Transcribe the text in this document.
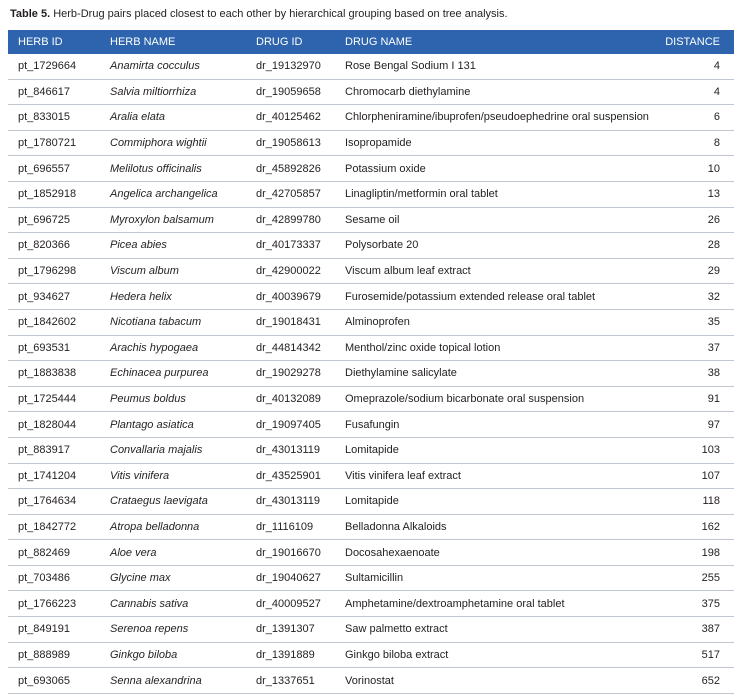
Table 5. Herb-Drug pairs placed closest to each other by hierarchical grouping based on tree analysis.
HERB ID	HERB NAME	DRUG ID	DRUG NAME	DISTANCE
pt_1729664	Anamirta cocculus	dr_19132970	Rose Bengal Sodium I 131	4
pt_846617	Salvia miltiorrhiza	dr_19059658	Chromocarb diethylamine	4
pt_833015	Aralia elata	dr_40125462	Chlorpheniramine/ibuprofen/pseudoephedrine oral suspension	6
pt_1780721	Commiphora wightii	dr_19058613	Isopropamide	8
pt_696557	Melilotus officinalis	dr_45892826	Potassium oxide	10
pt_1852918	Angelica archangelica	dr_42705857	Linagliptin/metformin oral tablet	13
pt_696725	Myroxylon balsamum	dr_42899780	Sesame oil	26
pt_820366	Picea abies	dr_40173337	Polysorbate 20	28
pt_1796298	Viscum album	dr_42900022	Viscum album leaf extract	29
pt_934627	Hedera helix	dr_40039679	Furosemide/potassium extended release oral tablet	32
pt_1842602	Nicotiana tabacum	dr_19018431	Alminoprofen	35
pt_693531	Arachis hypogaea	dr_44814342	Menthol/zinc oxide topical lotion	37
pt_1883838	Echinacea purpurea	dr_19029278	Diethylamine salicylate	38
pt_1725444	Peumus boldus	dr_40132089	Omeprazole/sodium bicarbonate oral suspension	91
pt_1828044	Plantago asiatica	dr_19097405	Fusafungin	97
pt_883917	Convallaria majalis	dr_43013119	Lomitapide	103
pt_1741204	Vitis vinifera	dr_43525901	Vitis vinifera leaf extract	107
pt_1764634	Crataegus laevigata	dr_43013119	Lomitapide	118
pt_1842772	Atropa belladonna	dr_1116109	Belladonna Alkaloids	162
pt_882469	Aloe vera	dr_19016670	Docosahexaenoate	198
pt_703486	Glycine max	dr_19040627	Sultamicillin	255
pt_1766223	Cannabis sativa	dr_40009527	Amphetamine/dextroamphetamine oral tablet	375
pt_849191	Serenoa repens	dr_1391307	Saw palmetto extract	387
pt_888989	Ginkgo biloba	dr_1391889	Ginkgo biloba extract	517
pt_693065	Senna alexandrina	dr_1337651	Vorinostat	652
